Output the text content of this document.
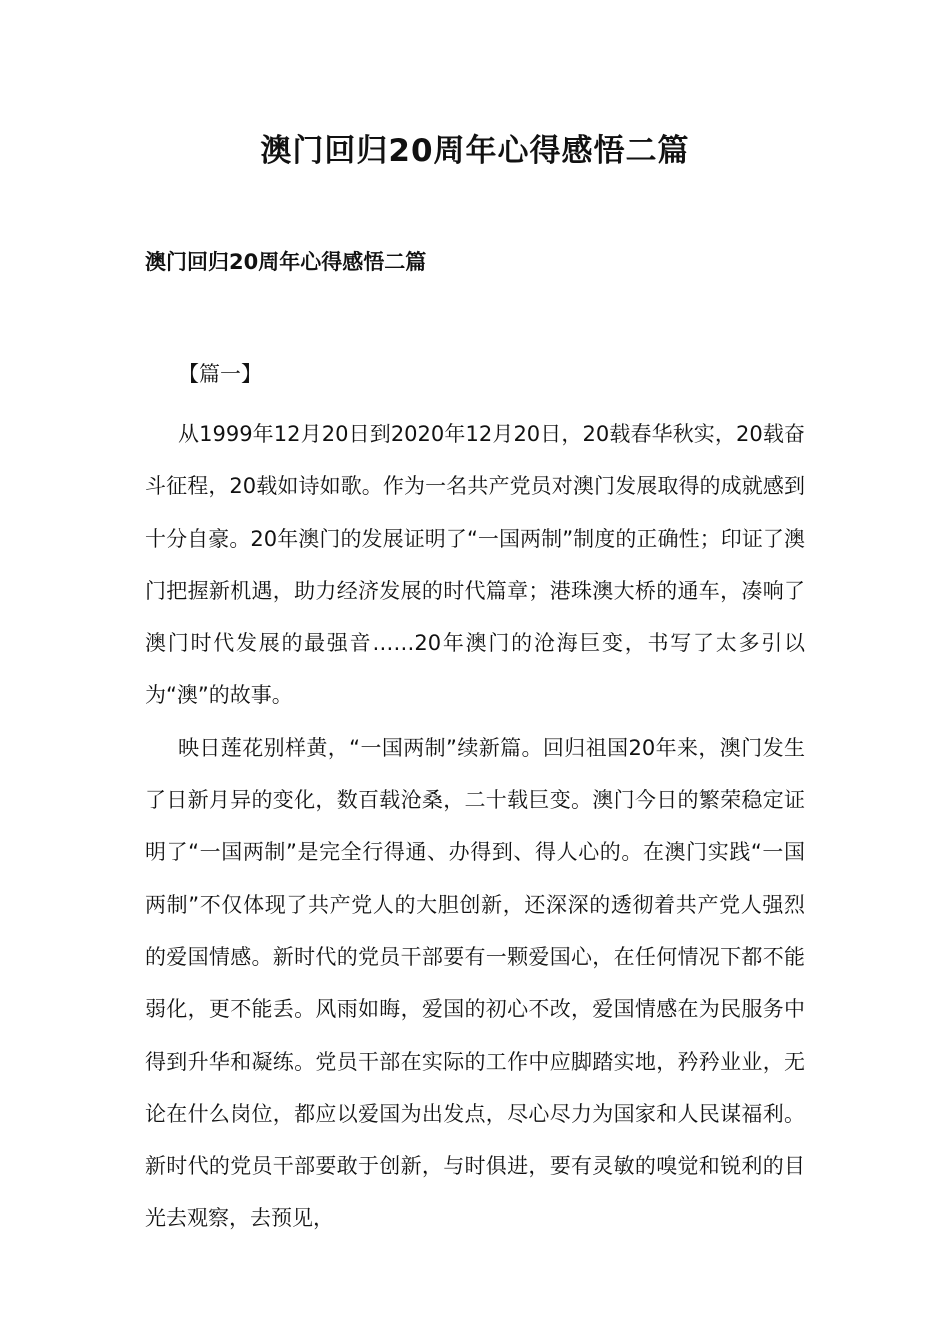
澳门回归20周年心得感悟二篇
澳门回归20周年心得感悟二篇
【篇一】

从1999年12月20日到2020年12月20日，20载春华秋实，20载奋斗征程，20载如诗如歌。作为一名共产党员对澳门发展取得的成就感到十分自豪。20年澳门的发展证明了“一国两制”制度的正确性；印证了澳门把握新机遇，助力经济发展的时代篇章；港珠澳大桥的通车，凑响了澳门时代发展的最强音……20年澳门的沧海巨变，书写了太多引以为“澳”的故事。

映日莲花别样黄，“一国两制”续新篇。回归祖国20年来，澳门发生了日新月异的变化，数百载沧桑，二十载巨变。澳门今日的繁荣稳定证明了“一国两制”是完全行得通、办得到、得人心的。在澳门实践“一国两制”不仅体现了共产党人的大胆创新，还深深的透彻着共产党人强烈的爱国情感。新时代的党员干部要有一颗爱国心，在任何情况下都不能弱化，更不能丢。风雨如晦，爱国的初心不改，爱国情感在为民服务中得到升华和凝练。党员干部在实际的工作中应脚踏实地，矜矜业业，无论在什么岗位，都应以爱国为出发点，尽心尽力为国家和人民谋福利。新时代的党员干部要敢于创新，与时俱进，要有灵敏的嗅觉和锐利的目光去观察，去预见，
